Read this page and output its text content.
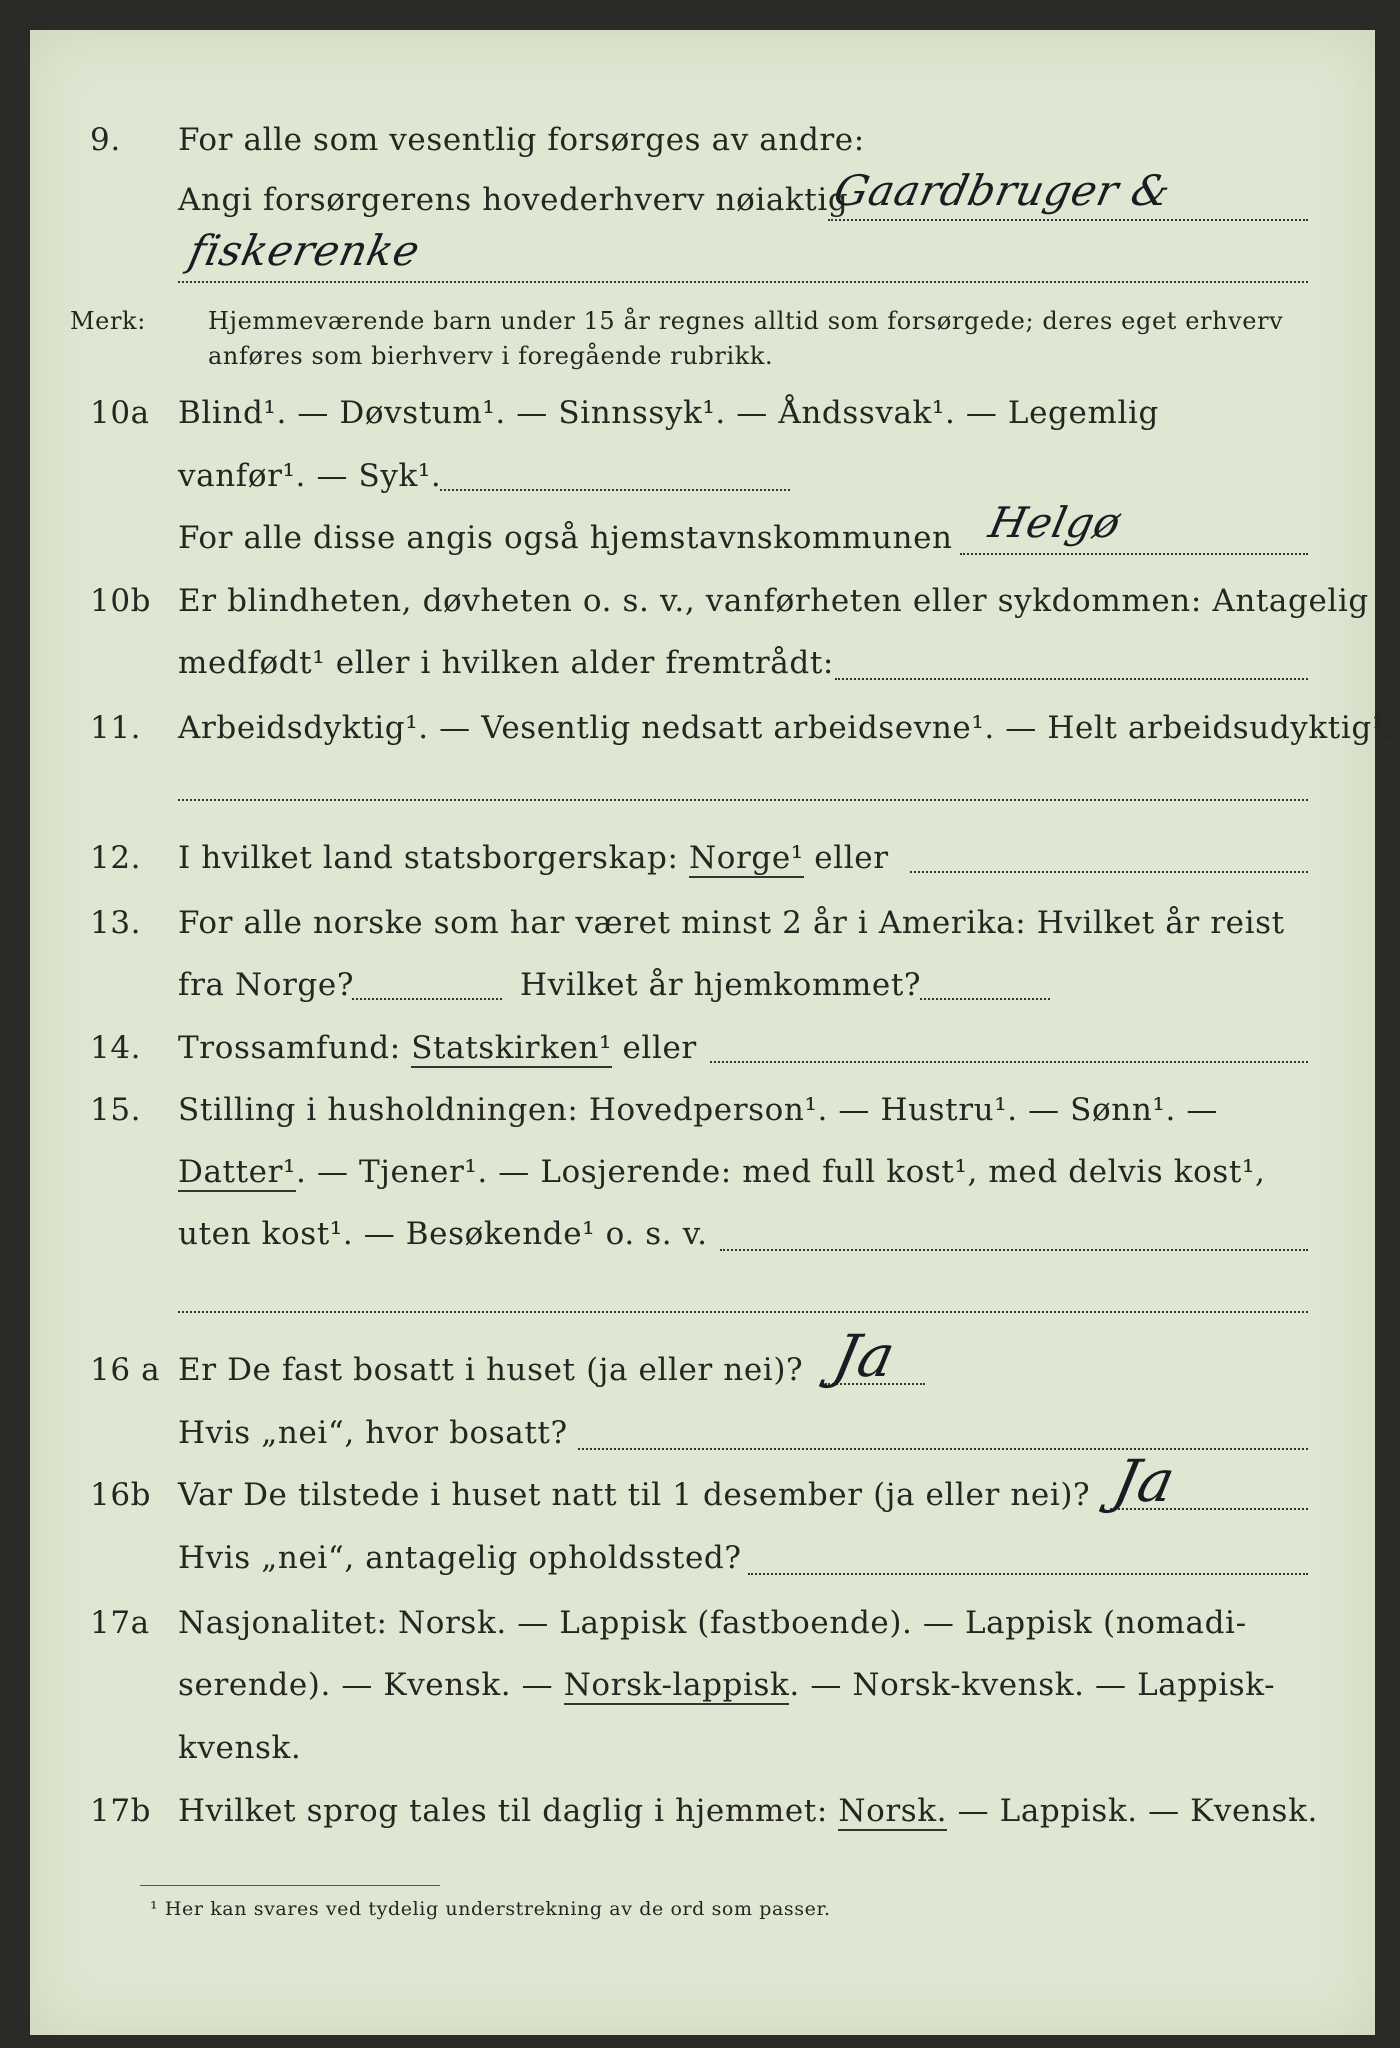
9. For alle som vesentlig forsørges av andre:
Angi forsørgerens hovederhverv nøiaktig
Gaardbruger &
fiskerenke
Merk:	Hjemmeværende barn under 15 år regnes alltid som forsørgede; deres eget erhverv
anføres som bierhverv i foregående rubrikk.
10a Blind¹. — Døvstum¹. — Sinnssyk¹. — Åndssvak¹. — Legemlig
vanfør¹. — Syk¹.
For alle disse angis også hjemstavnskommunen Helgø
10b Er blindheten, døvheten o. s. v., vanførheten eller sykdommen: Antagelig
medfødt¹ eller i hvilken alder fremtrådt:
11. Arbeidsdyktig¹. — Vesentlig nedsatt arbeidsevne¹. — Helt arbeidsudyktig¹.
12. I hvilket land statsborgerskap: Norge¹ eller
13. For alle norske som har været minst 2 år i Amerika: Hvilket år reist
fra Norge?	Hvilket år hjemkommet?
14. Trossamfund: Statskirken¹ eller
15. Stilling i husholdningen: Hovedperson¹. — Hustru¹. — Sønn¹. —
Datter¹. — Tjener¹. — Losjerende: med full kost¹, med delvis kost¹,
uten kost¹. — Besøkende¹ o. s. v.
16 a Er De fast bosatt i huset (ja eller nei)? Ja
Hvis „nei“, hvor bosatt?
16b Var De tilstede i huset natt til 1 desember (ja eller nei)? Ja
Hvis „nei“, antagelig opholdssted?
17a Nasjonalitet: Norsk. — Lappisk (fastboende). — Lappisk (nomadi-
serende). — Kvensk. — Norsk-lappisk. — Norsk-kvensk. — Lappisk-
kvensk.
17b Hvilket sprog tales til daglig i hjemmet: Norsk. — Lappisk. — Kvensk.
¹ Her kan svares ved tydelig understrekning av de ord som passer.
